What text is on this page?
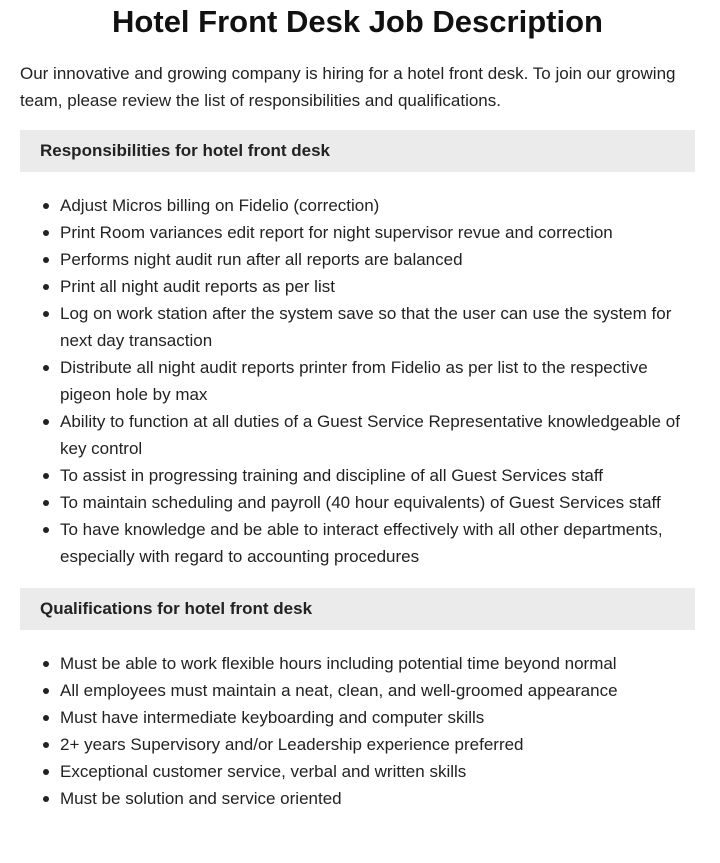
Hotel Front Desk Job Description

Our innovative and growing company is hiring for a hotel front desk. To join our growing team, please review the list of responsibilities and qualifications.

Responsibilities for hotel front desk
Adjust Micros billing on Fidelio (correction)
Print Room variances edit report for night supervisor revue and correction
Performs night audit run after all reports are balanced
Print all night audit reports as per list
Log on work station after the system save so that the user can use the system for next day transaction
Distribute all night audit reports printer from Fidelio as per list to the respective pigeon hole by max
Ability to function at all duties of a Guest Service Representative knowledgeable of key control
To assist in progressing training and discipline of all Guest Services staff
To maintain scheduling and payroll (40 hour equivalents) of Guest Services staff
To have knowledge and be able to interact effectively with all other departments, especially with regard to accounting procedures
Qualifications for hotel front desk
Must be able to work flexible hours including potential time beyond normal
All employees must maintain a neat, clean, and well-groomed appearance
Must have intermediate keyboarding and computer skills
2+ years Supervisory and/or Leadership experience preferred
Exceptional customer service, verbal and written skills
Must be solution and service oriented
